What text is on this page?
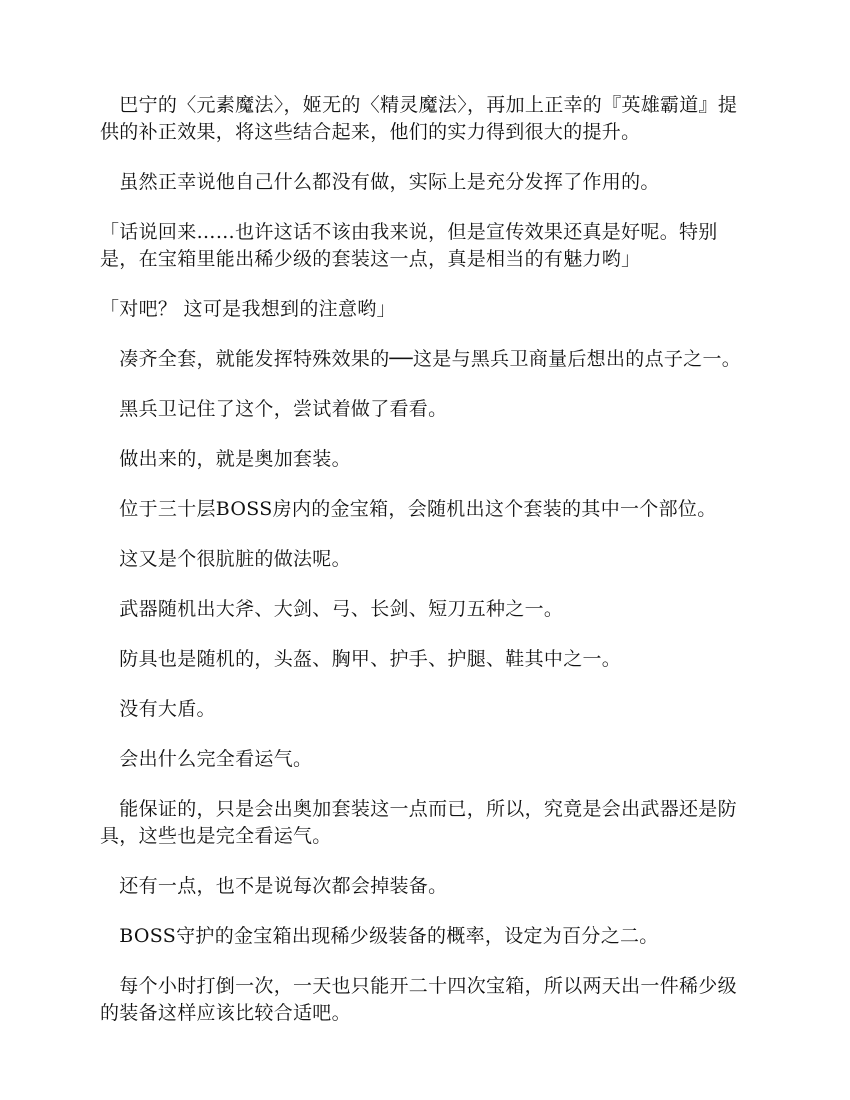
　巴宁的〈元素魔法〉，姬无的〈精灵魔法〉，再加上正幸的『英雄霸道』提供的补正效果，将这些结合起来，他们的实力得到很大的提升。

　虽然正幸说他自己什么都没有做，实际上是充分发挥了作用的。

「话说回来……也许这话不该由我来说，但是宣传效果还真是好呢。特别是，在宝箱里能出稀少级的套装这一点，真是相当的有魅力哟」

「对吧？ 这可是我想到的注意哟」

　凑齐全套，就能发挥特殊效果的──这是与黑兵卫商量后想出的点子之一。

　黑兵卫记住了这个，尝试着做了看看。

　做出来的，就是奥加套装。

　位于三十层BOSS房内的金宝箱，会随机出这个套装的其中一个部位。

　这又是个很肮脏的做法呢。

　武器随机出大斧、大剑、弓、长剑、短刀五种之一。

　防具也是随机的，头盔、胸甲、护手、护腿、鞋其中之一。

　没有大盾。

　会出什么完全看运气。

　能保证的，只是会出奥加套装这一点而已，所以，究竟是会出武器还是防具，这些也是完全看运气。

　还有一点，也不是说每次都会掉装备。

　BOSS守护的金宝箱出现稀少级装备的概率，设定为百分之二。

　每个小时打倒一次，一天也只能开二十四次宝箱，所以两天出一件稀少级的装备这样应该比较合适吧。
